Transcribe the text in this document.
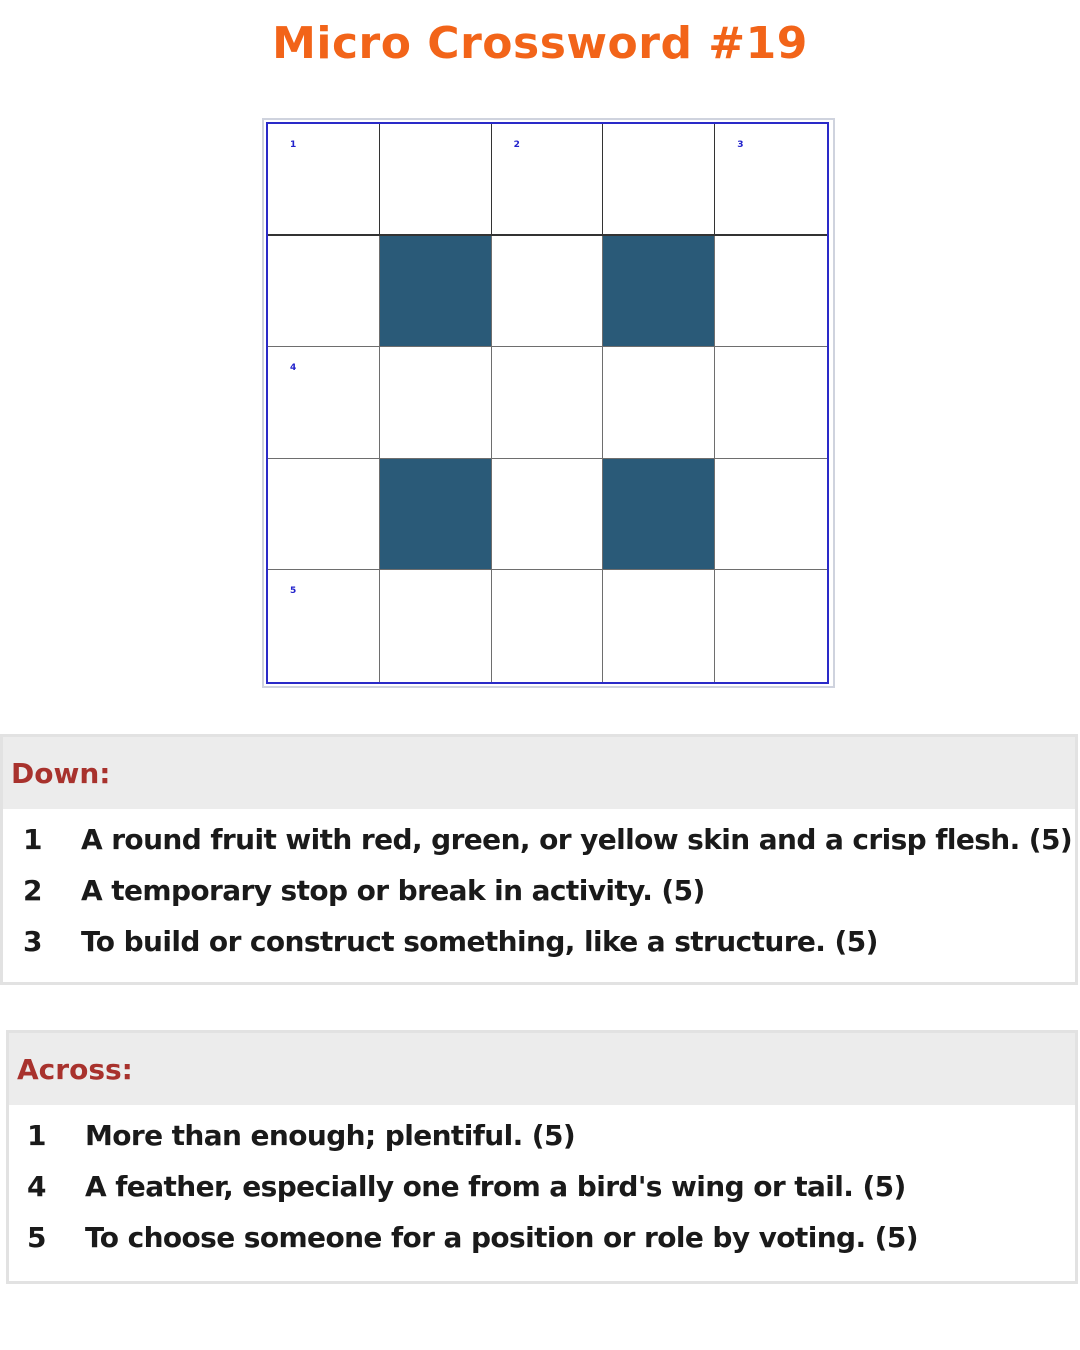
Micro Crossword #19
1	2	3
4
5
Down:
1	A round fruit with red, green, or yellow skin and a crisp flesh. (5)
2	A temporary stop or break in activity. (5)
3	To build or construct something, like a structure. (5)
Across:
1	More than enough; plentiful. (5)
4	A feather, especially one from a bird's wing or tail. (5)
5	To choose someone for a position or role by voting. (5)
